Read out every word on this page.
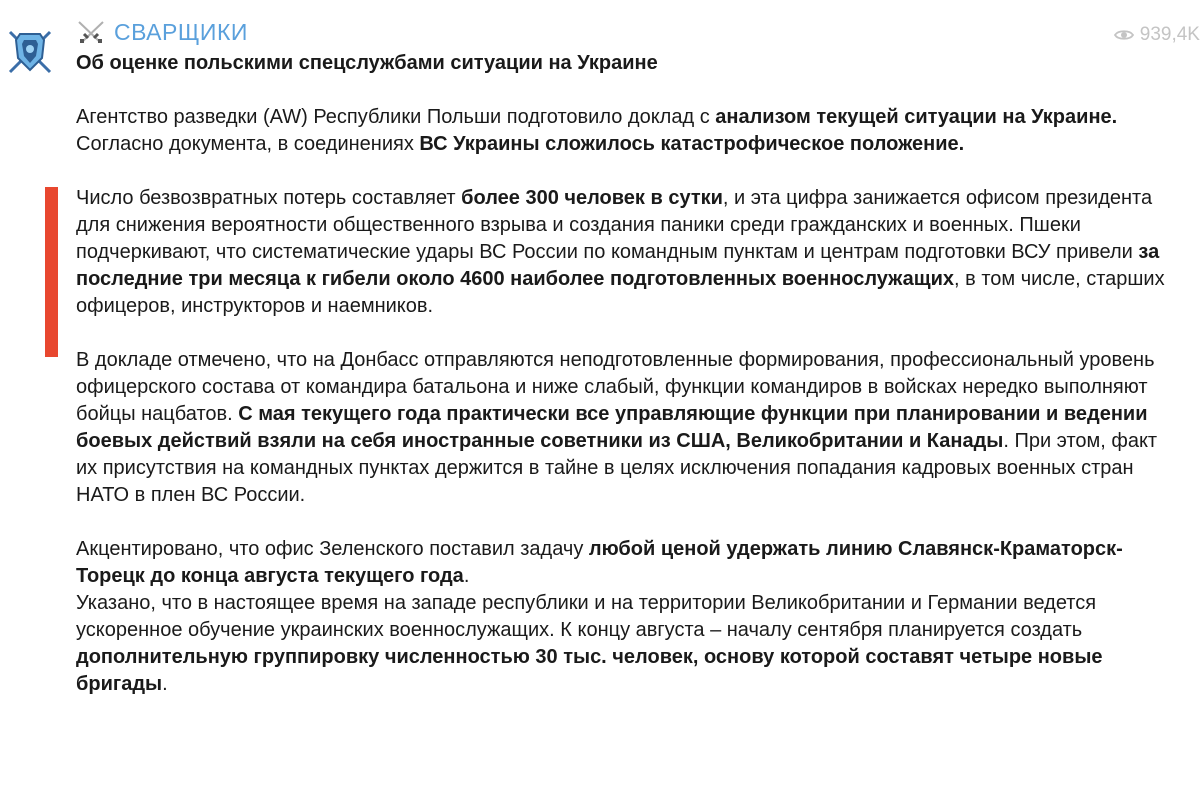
СВАРЩИКИ	939,4K
Об оценке польскими спецслужбами ситуации на Украине

Агентство разведки (AW) Республики Польши подготовило доклад с анализом текущей ситуации на Украине.
Согласно документа, в соединениях ВС Украины сложилось катастрофическое положение.

Число безвозвратных потерь составляет более 300 человек в сутки, и эта цифра занижается офисом президента для снижения вероятности общественного взрыва и создания паники среди гражданских и военных. Пшеки подчеркивают, что систематические удары ВС России по командным пунктам и центрам подготовки ВСУ привели за последние три месяца к гибели около 4600 наиболее подготовленных военнослужащих, в том числе, старших офицеров, инструкторов и наемников.

В докладе отмечено, что на Донбасс отправляются неподготовленные формирования, профессиональный уровень офицерского состава от командира батальона и ниже слабый, функции командиров в войсках нередко выполняют бойцы нацбатов. С мая текущего года практически все управляющие функции при планировании и ведении боевых действий взяли на себя иностранные советники из США, Великобритании и Канады. При этом, факт их присутствия на командных пунктах держится в тайне в целях исключения попадания кадровых военных стран НАТО в плен ВС России.

Акцентировано, что офис Зеленского поставил задачу любой ценой удержать линию Славянск-Краматорск-Торецк до конца августа текущего года.
Указано, что в настоящее время на западе республики и на территории Великобритании и Германии ведется ускоренное обучение украинских военнослужащих. К концу августа – началу сентября планируется создать дополнительную группировку численностью 30 тыс. человек, основу которой составят четыре новые бригады.
